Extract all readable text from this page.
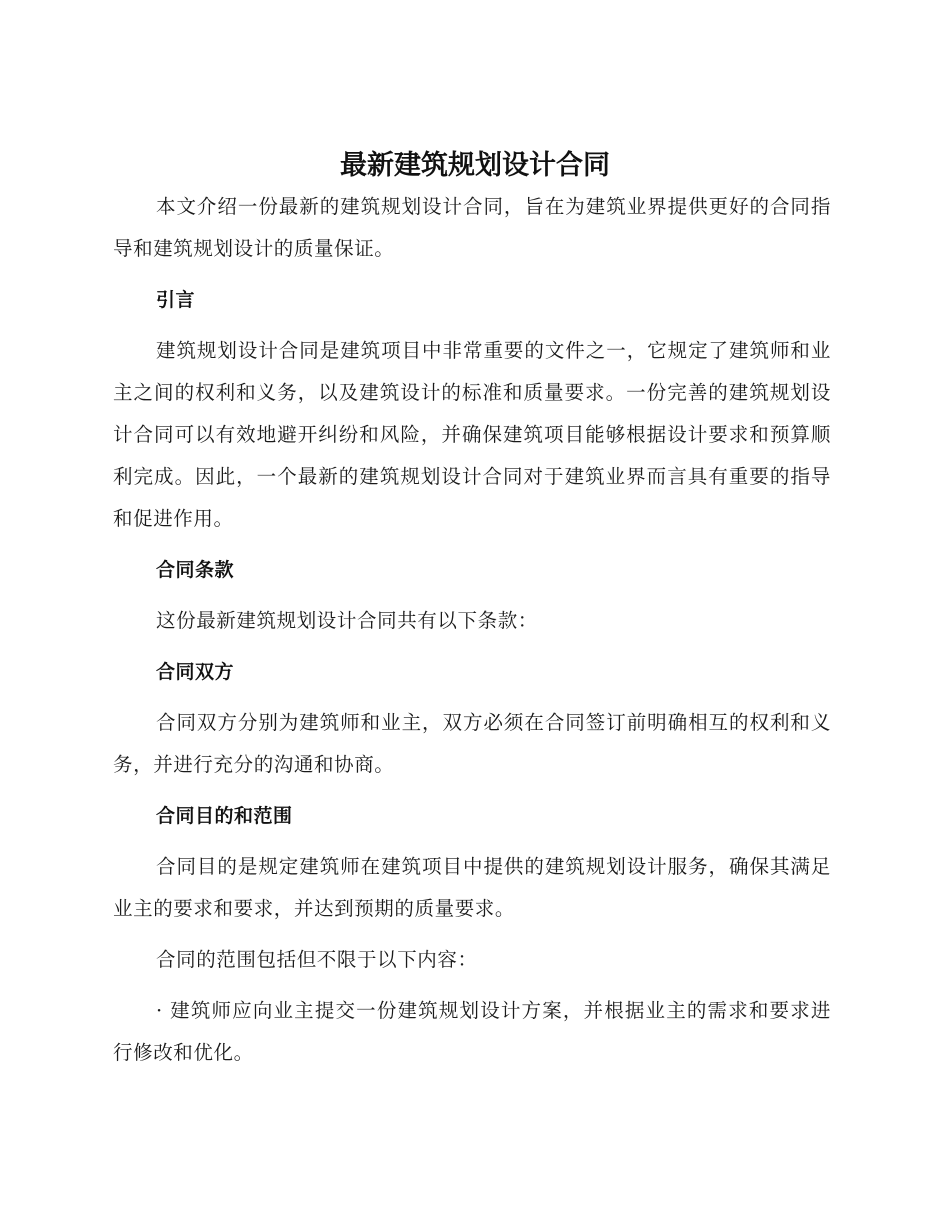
最新建筑规划设计合同

本文介绍一份最新的建筑规划设计合同，旨在为建筑业界提供更好的合同指导和建筑规划设计的质量保证。

引言

建筑规划设计合同是建筑项目中非常重要的文件之一，它规定了建筑师和业主之间的权利和义务，以及建筑设计的标准和质量要求。一份完善的建筑规划设计合同可以有效地避开纠纷和风险，并确保建筑项目能够根据设计要求和预算顺利完成。因此，一个最新的建筑规划设计合同对于建筑业界而言具有重要的指导和促进作用。

合同条款

这份最新建筑规划设计合同共有以下条款：

合同双方

合同双方分别为建筑师和业主，双方必须在合同签订前明确相互的权利和义务，并进行充分的沟通和协商。

合同目的和范围

合同目的是规定建筑师在建筑项目中提供的建筑规划设计服务，确保其满足业主的要求和要求，并达到预期的质量要求。

合同的范围包括但不限于以下内容：

· 建筑师应向业主提交一份建筑规划设计方案，并根据业主的需求和要求进行修改和优化。
